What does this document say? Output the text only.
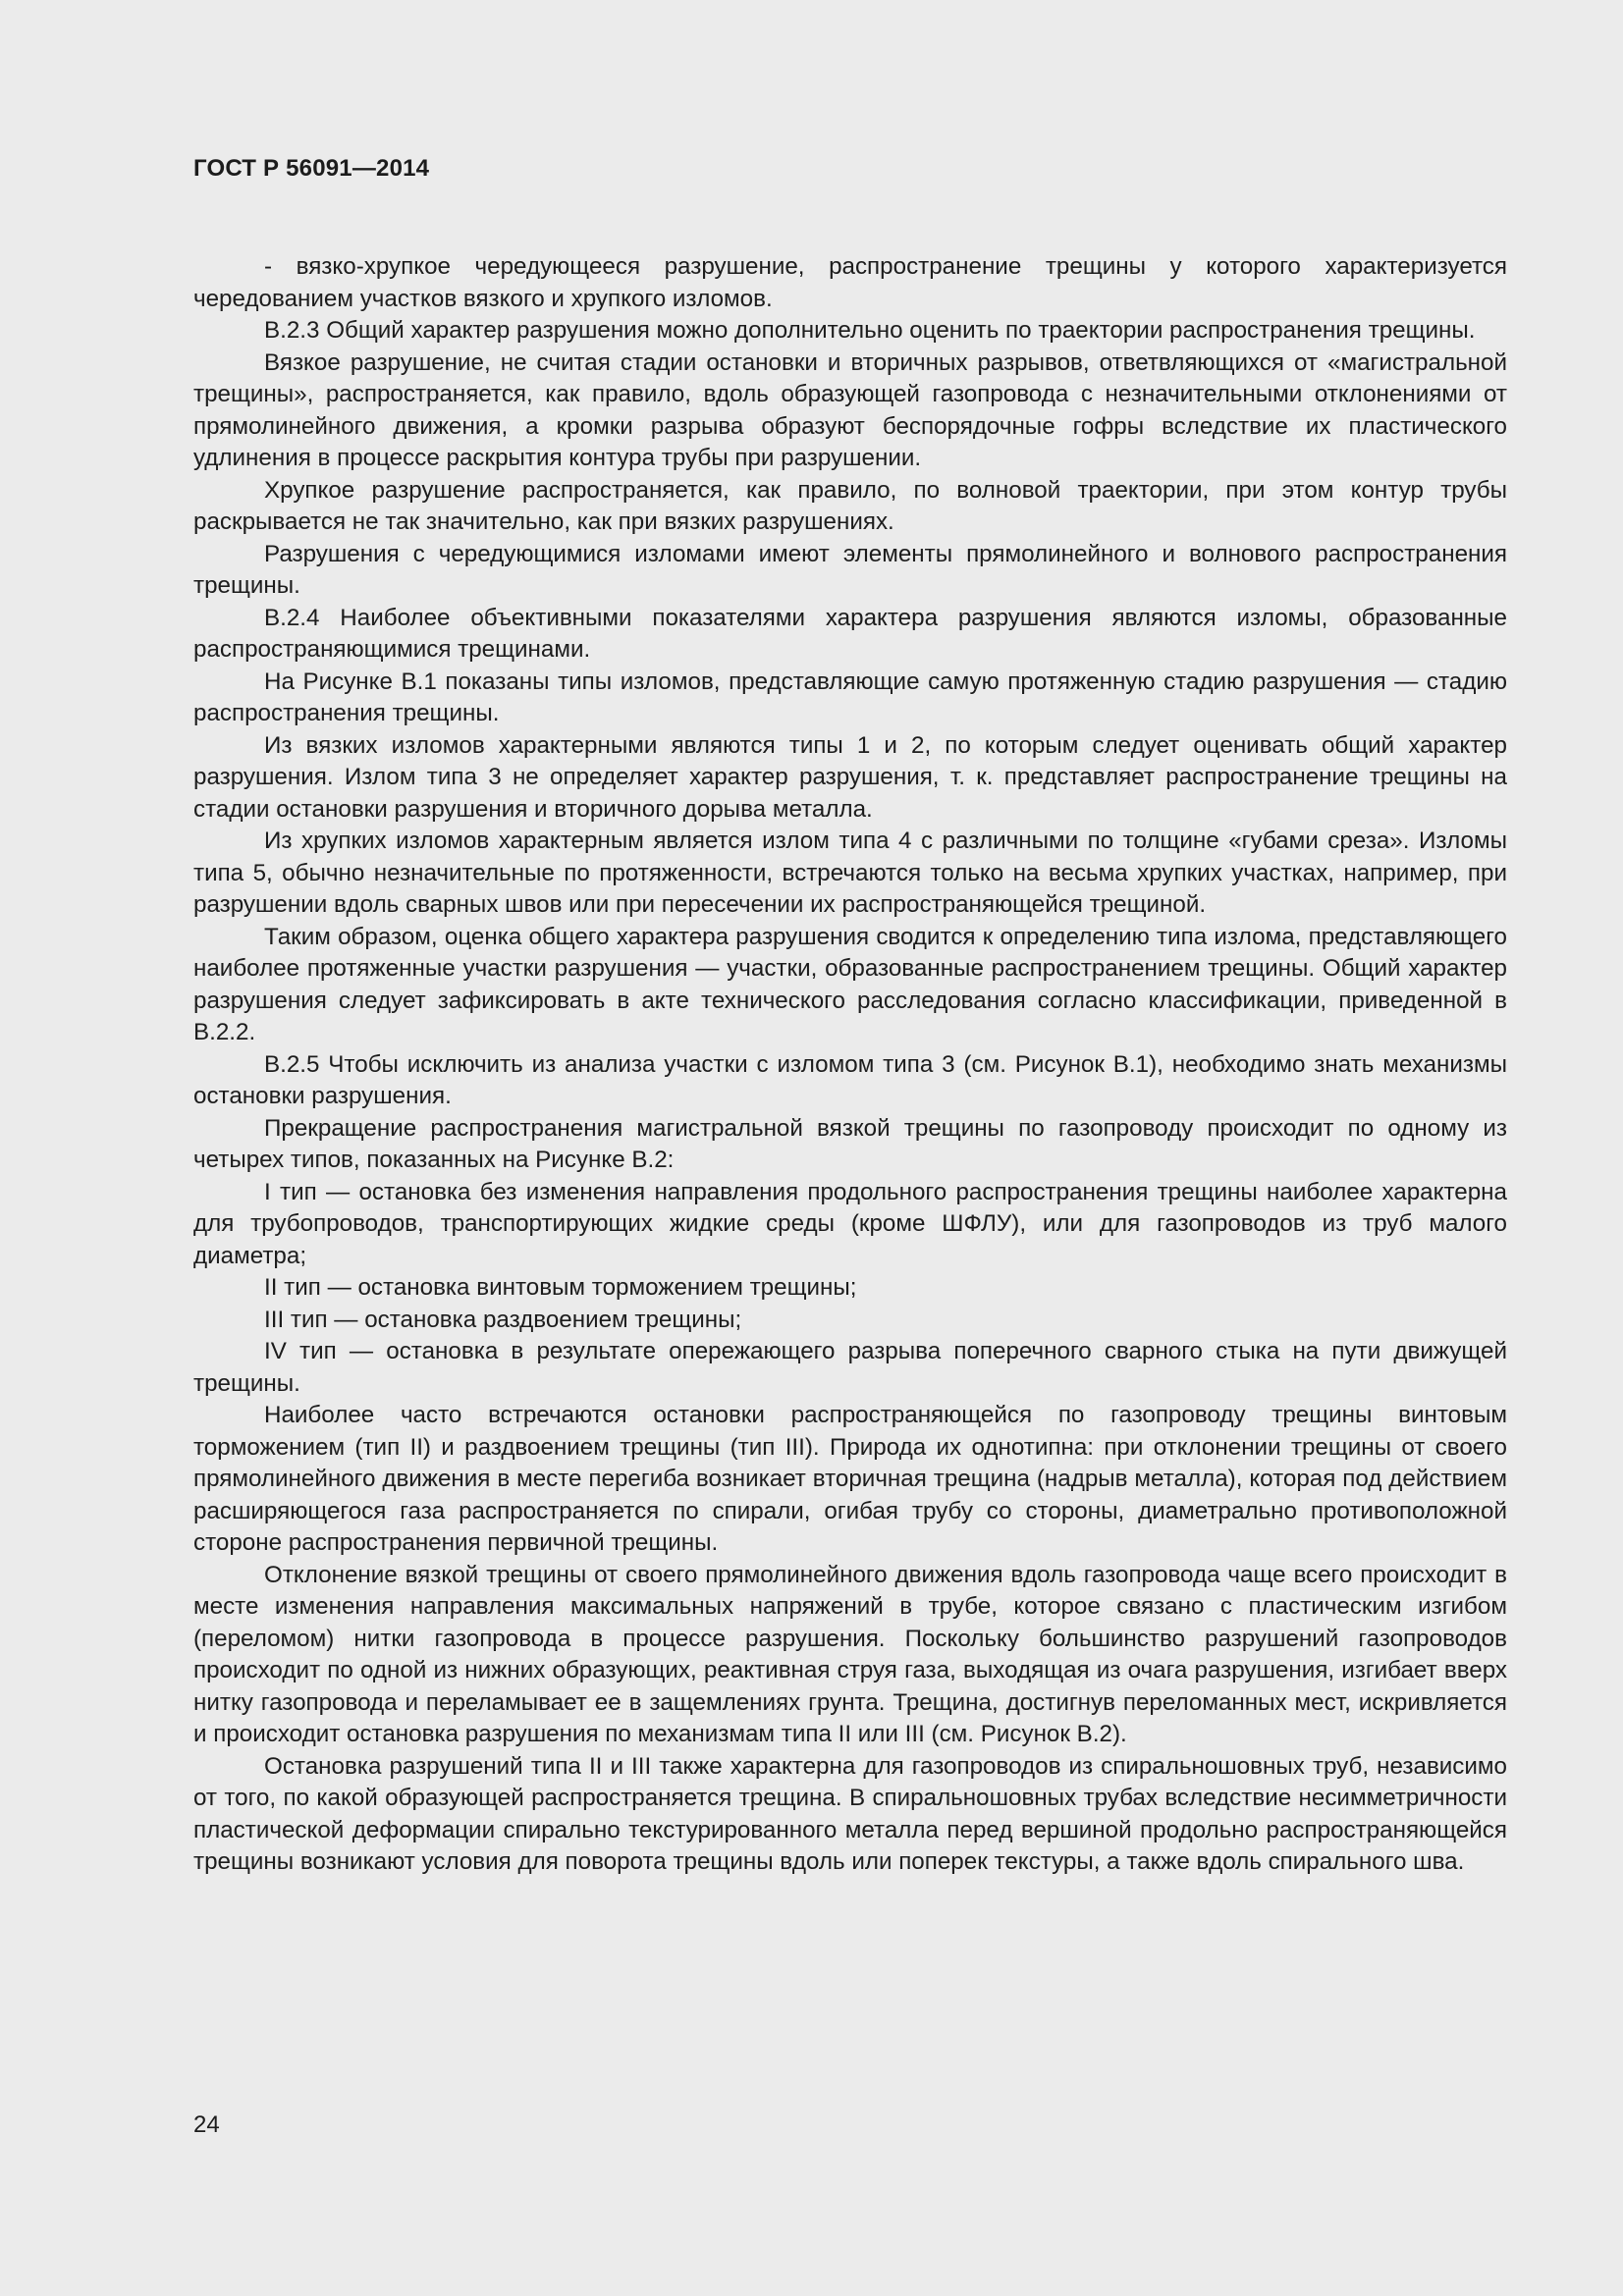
ГОСТ Р 56091—2014

- вязко-хрупкое чередующееся разрушение, распространение трещины у которого характеризуется чередованием участков вязкого и хрупкого изломов.

В.2.3 Общий характер разрушения можно дополнительно оценить по траектории распространения трещины.

Вязкое разрушение, не считая стадии остановки и вторичных разрывов, ответвляющихся от «магистральной трещины», распространяется, как правило, вдоль образующей газопровода с незначительными отклонениями от прямолинейного движения, а кромки разрыва образуют беспорядочные гофры вследствие их пластического удлинения в процессе раскрытия контура трубы при разрушении.

Хрупкое разрушение распространяется, как правило, по волновой траектории, при этом контур трубы раскрывается не так значительно, как при вязких разрушениях.

Разрушения с чередующимися изломами имеют элементы прямолинейного и волнового распространения трещины.

В.2.4 Наиболее объективными показателями характера разрушения являются изломы, образованные распространяющимися трещинами.

На Рисунке В.1 показаны типы изломов, представляющие самую протяженную стадию разрушения — стадию распространения трещины.

Из вязких изломов характерными являются типы 1 и 2, по которым следует оценивать общий характер разрушения. Излом типа 3 не определяет характер разрушения, т. к. представляет распространение трещины на стадии остановки разрушения и вторичного дорыва металла.

Из хрупких изломов характерным является излом типа 4 с различными по толщине «губами среза». Изломы типа 5, обычно незначительные по протяженности, встречаются только на весьма хрупких участках, например, при разрушении вдоль сварных швов или при пересечении их распространяющейся трещиной.

Таким образом, оценка общего характера разрушения сводится к определению типа излома, представляющего наиболее протяженные участки разрушения — участки, образованные распространением трещины. Общий характер разрушения следует зафиксировать в акте технического расследования согласно классификации, приведенной в В.2.2.

В.2.5 Чтобы исключить из анализа участки с изломом типа 3 (см. Рисунок В.1), необходимо знать механизмы остановки разрушения.

Прекращение распространения магистральной вязкой трещины по газопроводу происходит по одному из четырех типов, показанных на Рисунке В.2:

I тип — остановка без изменения направления продольного распространения трещины наиболее характерна для трубопроводов, транспортирующих жидкие среды (кроме ШФЛУ), или для газопроводов из труб малого диаметра;

II тип — остановка винтовым торможением трещины;

III тип — остановка раздвоением трещины;

IV тип — остановка в результате опережающего разрыва поперечного сварного стыка на пути движущей трещины.

Наиболее часто встречаются остановки распространяющейся по газопроводу трещины винтовым торможением (тип II) и раздвоением трещины (тип III). Природа их однотипна: при отклонении трещины от своего прямолинейного движения в месте перегиба возникает вторичная трещина (надрыв металла), которая под действием расширяющегося газа распространяется по спирали, огибая трубу со стороны, диаметрально противоположной стороне распространения первичной трещины.

Отклонение вязкой трещины от своего прямолинейного движения вдоль газопровода чаще всего происходит в месте изменения направления максимальных напряжений в трубе, которое связано с пластическим изгибом (переломом) нитки газопровода в процессе разрушения. Поскольку большинство разрушений газопроводов происходит по одной из нижних образующих, реактивная струя газа, выходящая из очага разрушения, изгибает вверх нитку газопровода и переламывает ее в защемлениях грунта. Трещина, достигнув переломанных мест, искривляется и происходит остановка разрушения по механизмам типа II или III (см. Рисунок В.2).

Остановка разрушений типа II и III также характерна для газопроводов из спиральношовных труб, независимо от того, по какой образующей распространяется трещина. В спиральношовных трубах вследствие несимметричности пластической деформации спирально текстурированного металла перед вершиной продольно распространяющейся трещины возникают условия для поворота трещины вдоль или поперек текстуры, а также вдоль спирального шва.

24
